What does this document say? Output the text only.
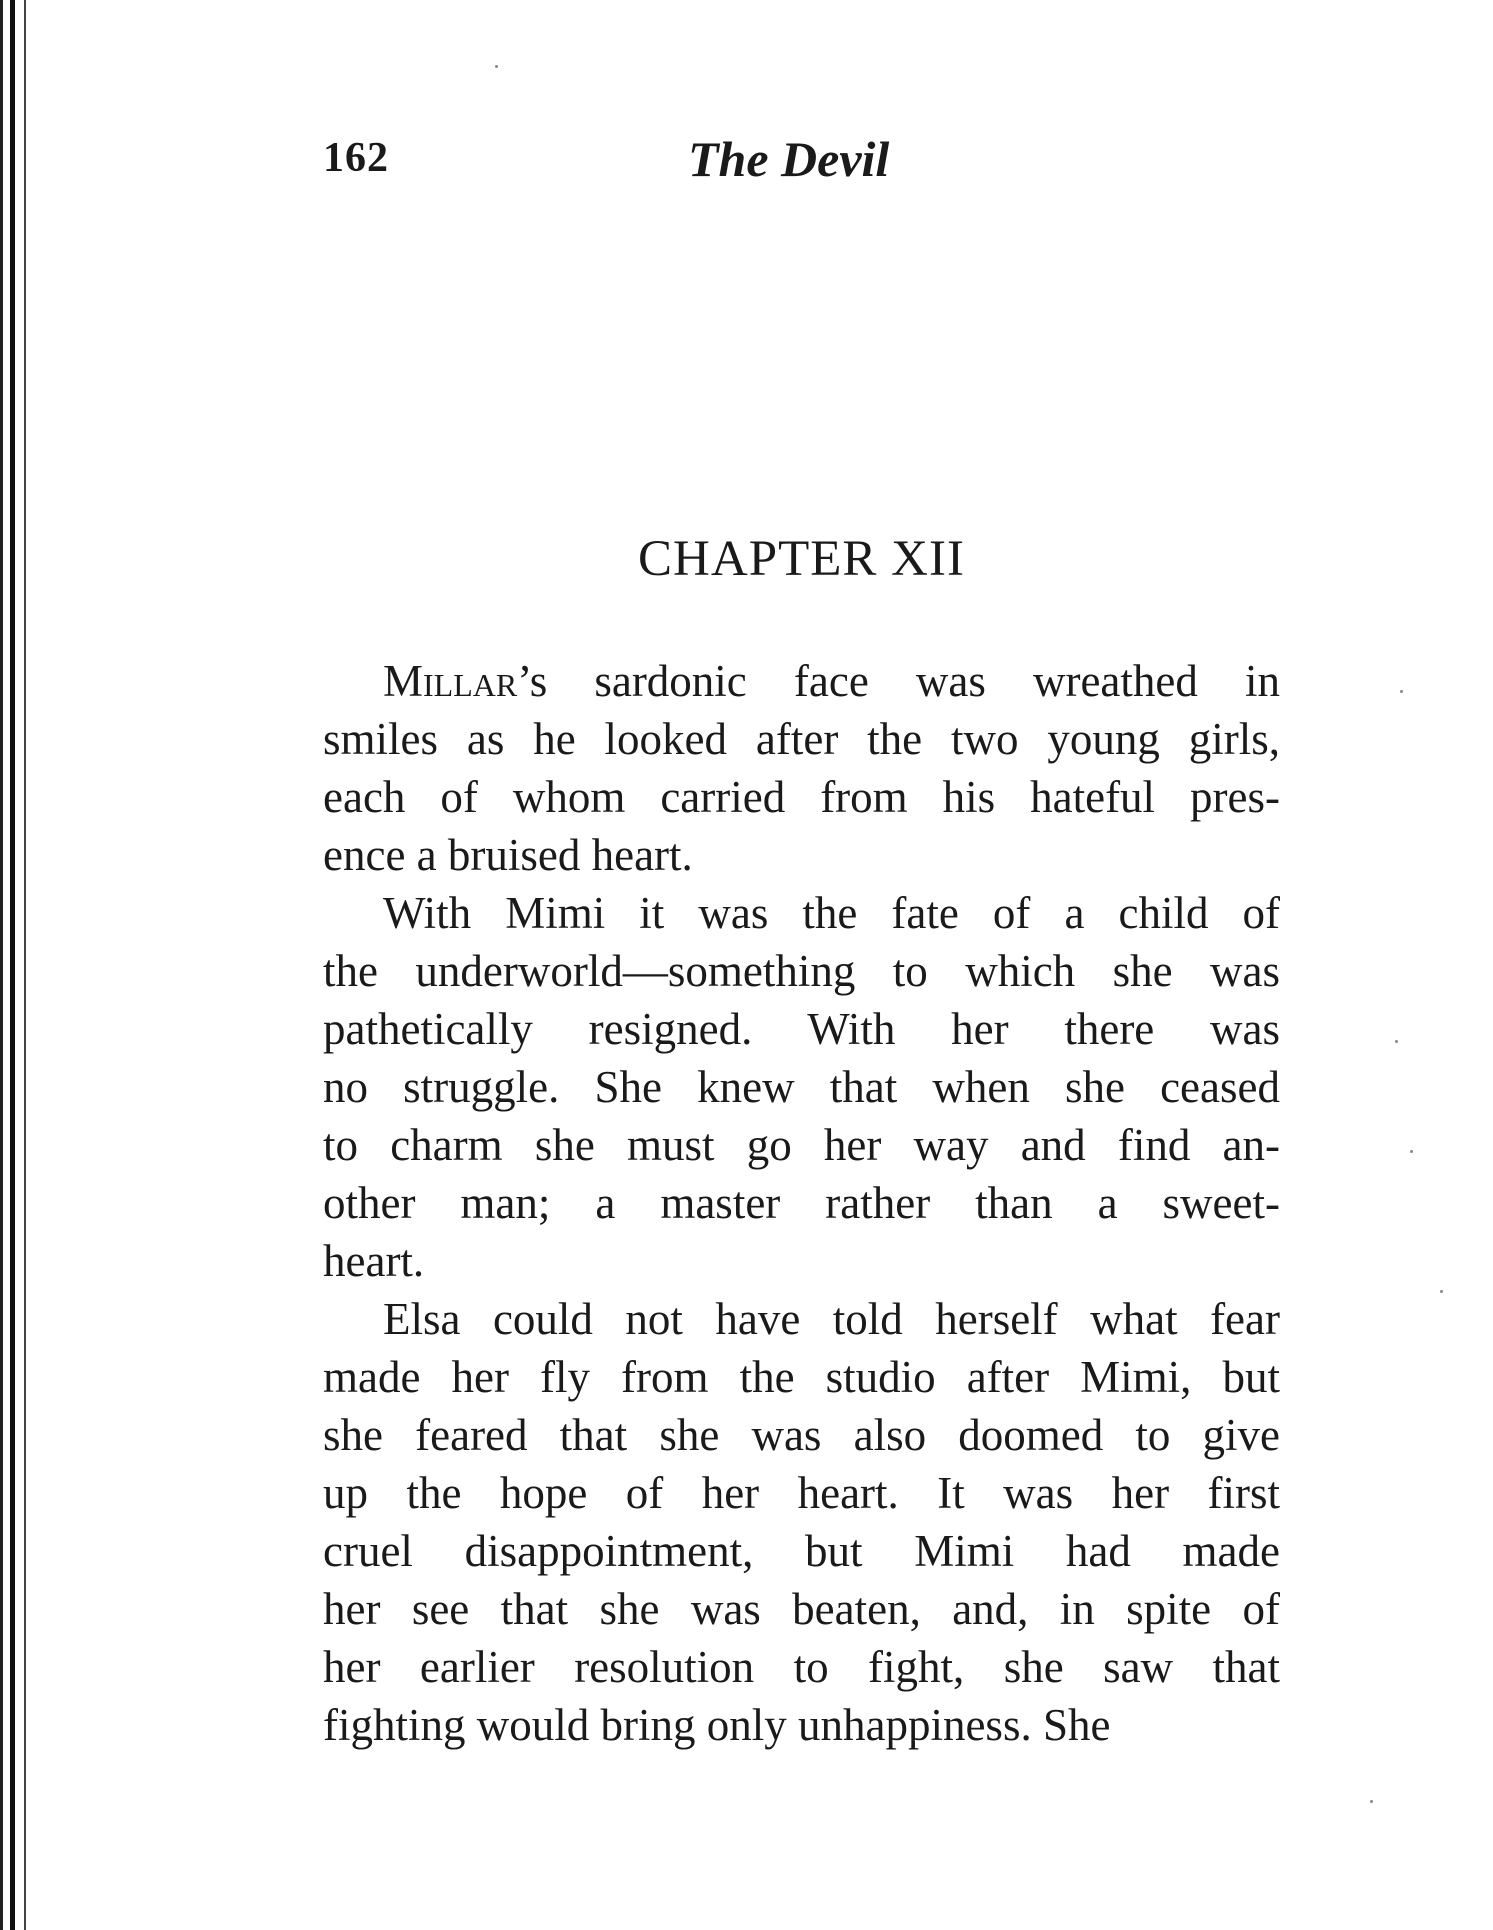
162	The Devil
CHAPTER XII
Millar’s sardonic face was wreathed in
smiles as he looked after the two young girls,
each of whom carried from his hateful pres-
ence a bruised heart.
With Mimi it was the fate of a child of
the underworld—something to which she was
pathetically resigned. With her there was
no struggle. She knew that when she ceased
to charm she must go her way and find an-
other man; a master rather than a sweet-
heart.
Elsa could not have told herself what fear
made her fly from the studio after Mimi, but
she feared that she was also doomed to give
up the hope of her heart. It was her first
cruel disappointment, but Mimi had made
her see that she was beaten, and, in spite of
her earlier resolution to fight, she saw that
fighting would bring only unhappiness. She
